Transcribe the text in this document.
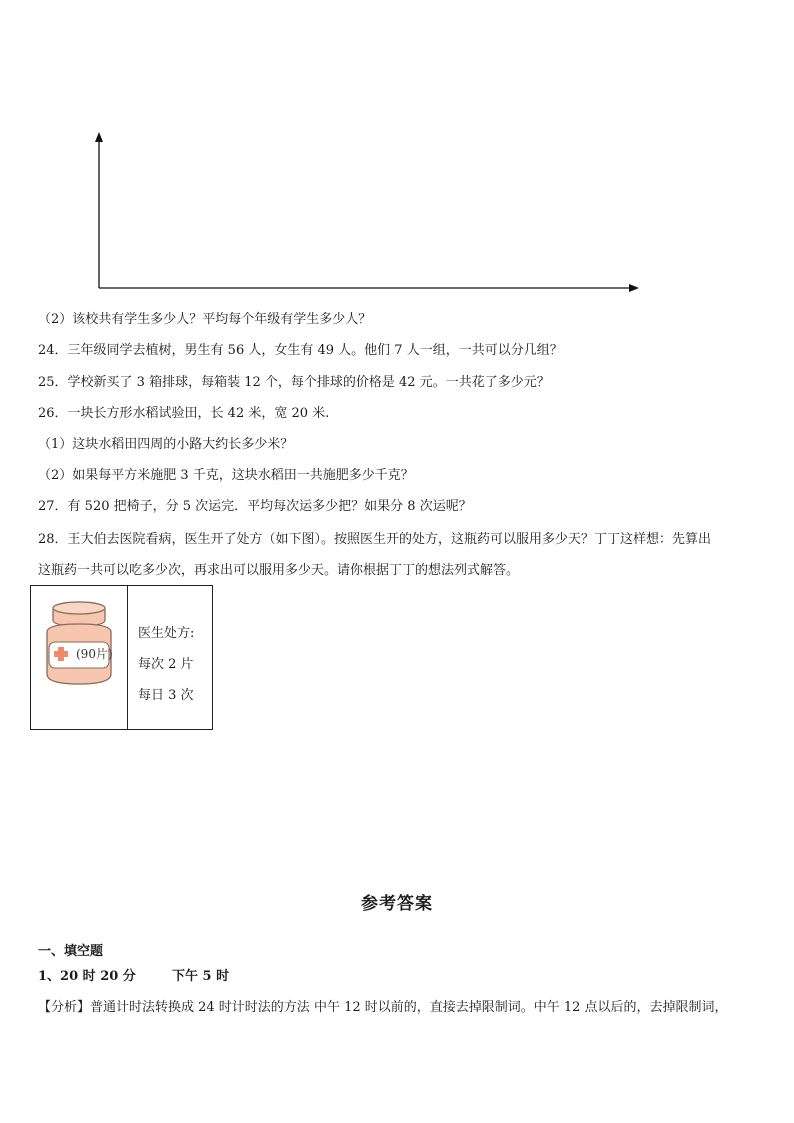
（2）该校共有学生多少人？平均每个年级有学生多少人？
24．三年级同学去植树，男生有 56 人，女生有 49 人。他们 7 人一组，一共可以分几组？
25．学校新买了 3 箱排球，每箱装 12 个，每个排球的价格是 42 元。一共花了多少元？
26．一块长方形水稻试验田，长 42 米，宽 20 米.
（1）这块水稻田四周的小路大约长多少米？
（2）如果每平方米施肥 3 千克，这块水稻田一共施肥多少千克？
27．有 520 把椅子，分 5 次运完．平均每次运多少把？如果分 8 次运呢？
28．王大伯去医院看病，医生开了处方（如下图）。按照医生开的处方，这瓶药可以服用多少天？丁丁这样想：先算出
这瓶药一共可以吃多少次，再求出可以服用多少天。请你根据丁丁的想法列式解答。
(90片)
医生处方:
每次 2 片
每日 3 次
参考答案
一、填空题
1、20 时 20 分        下午 5 时
【分析】普通计时法转换成 24 时计时法的方法 中午 12 时以前的，直接去掉限制词。中午 12 点以后的，去掉限制词，
